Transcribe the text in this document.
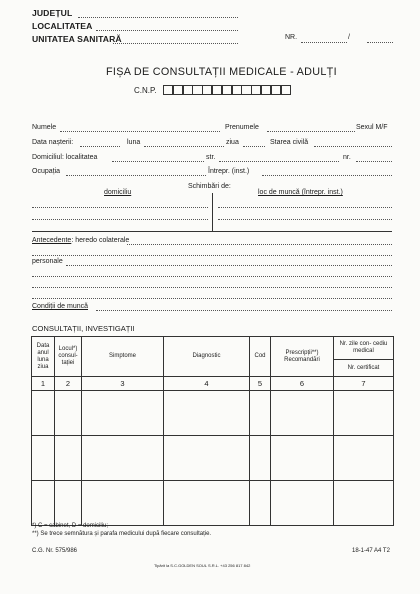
JUDEȚUL
LOCALITATEA
UNITATEA SANITARĂ	NR.	/
FIȘA DE CONSULTAȚII MEDICALE - ADULȚI
C.N.P.
Numele	Prenumele	Sexul M/F
Data nașterii:	luna	ziua	Starea civilă
Domiciliul: localitatea	str.	nr.
Ocupația	Întrepr. (inst.)
Schimbări de:
domiciliu	loc de muncă (întrepr. inst.)
Antecedente: heredo colaterale
personale
Condiții de muncă
CONSULTAȚII, INVESTIGAȚII
Data anul luna ziua	Locul*) consul- tației	Simptome	Diagnostic	Cod	Prescripții**) Recomandări	Nr. zile con- cediu medical
						Nr. certificat
1	2	3	4	5	6	7

*) C = cabinet, D = domiciliu;
**) Se trece semnătura și parafa medicului după fiecare consultație.
C.G. Nr. 575/986	18-1-47 A4 T2
Tipărit la S.C.GOLDEN SOUL S.R.L. +43 256 817 842
